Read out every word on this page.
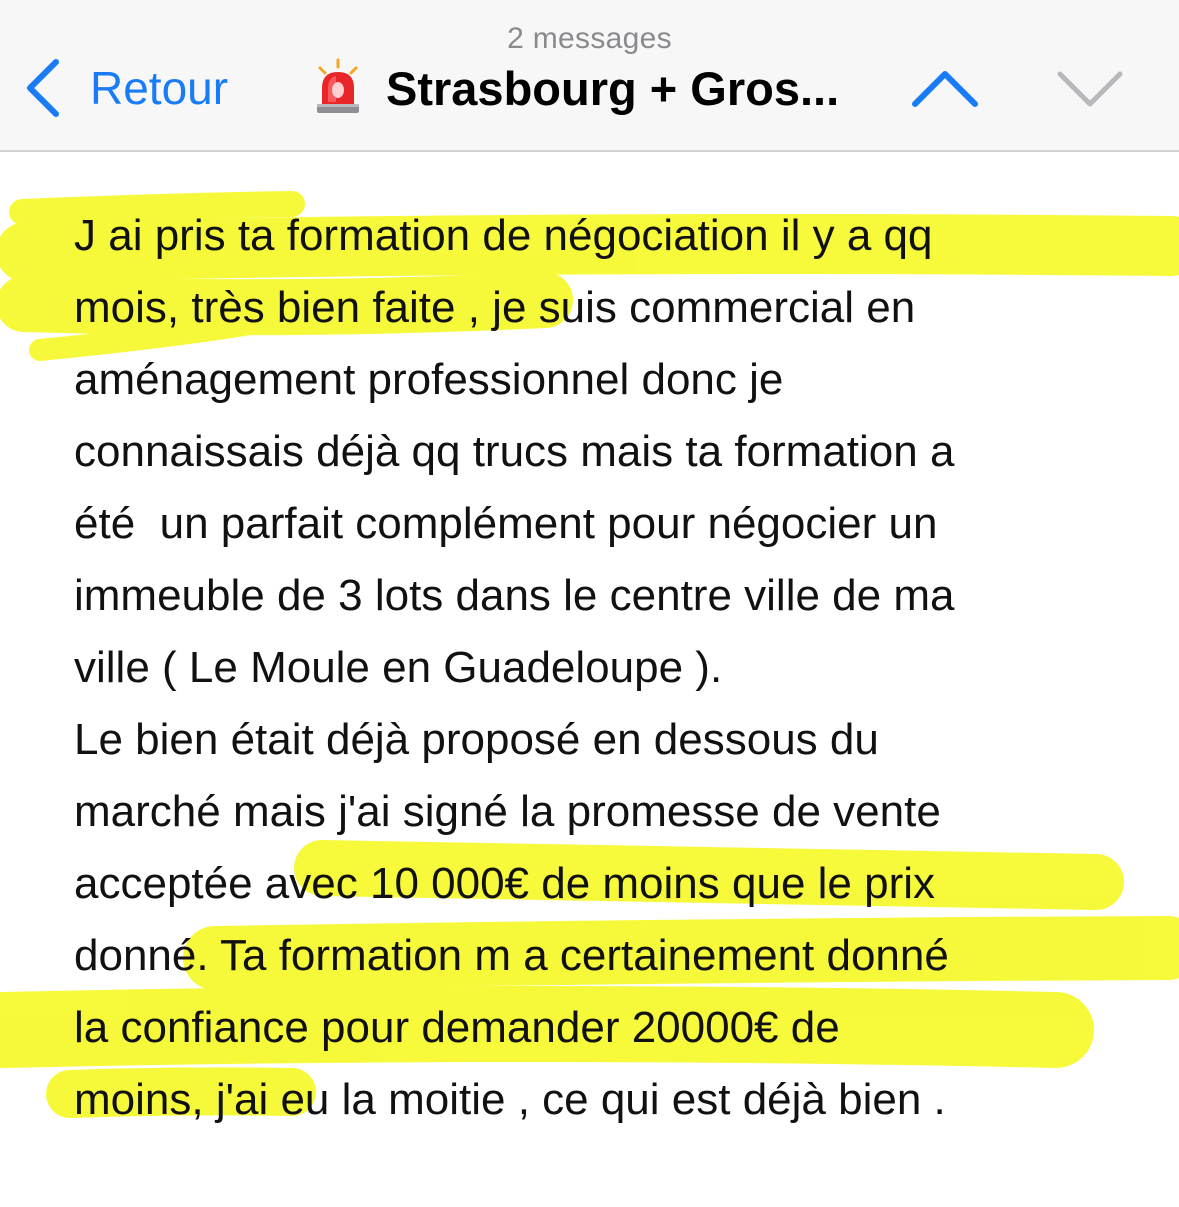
2 messages
Retour	Strasbourg + Gros...
J ai pris ta formation de négociation il y a qq
mois, très bien faite , je suis commercial en
aménagement professionnel donc je
connaissais déjà qq trucs mais ta formation a
été  un parfait complément pour négocier un
immeuble de 3 lots dans le centre ville de ma
ville ( Le Moule en Guadeloupe ).
Le bien était déjà proposé en dessous du
marché mais j'ai signé la promesse de vente
acceptée avec 10 000€ de moins que le prix
donné. Ta formation m a certainement donné
la confiance pour demander 20000€ de
moins, j'ai eu la moitie , ce qui est déjà bien .
